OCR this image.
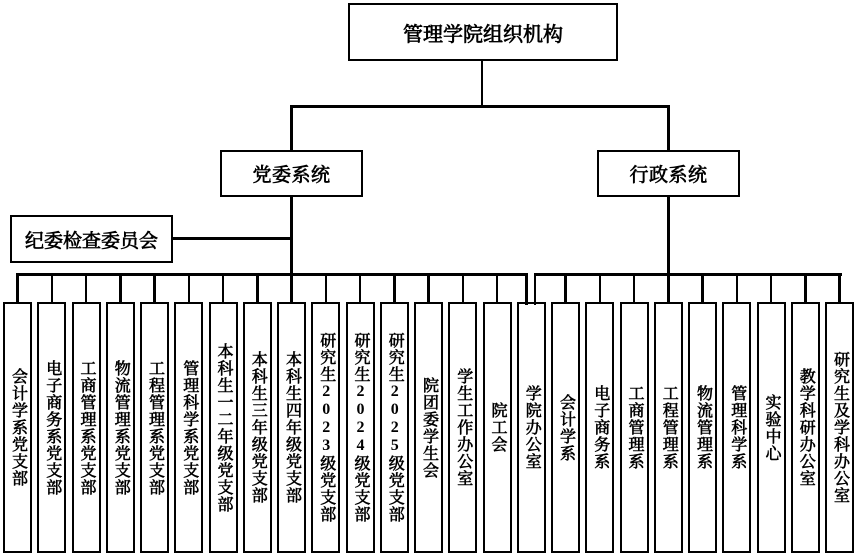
管理学院组织机构
党委系统	行政系统
纪委检查委员会
会计学系党支部 电子商务系党支部 工商管理系党支部 物流管理系党支部 工程管理系党支部 管理科学系党支部 本科生一二年级党支部 本科生三年级党支部 本科生四年级党支部 研究生2023级党支部 研究生2024级党支部 研究生2025级党支部 院团委学生会 学生工作办公室 院工会 学院办公室 会计学系 电子商务系 工商管理系 工程管理系 物流管理系 管理科学系 实验中心 教学科研办公室 研究生及学科办公室
